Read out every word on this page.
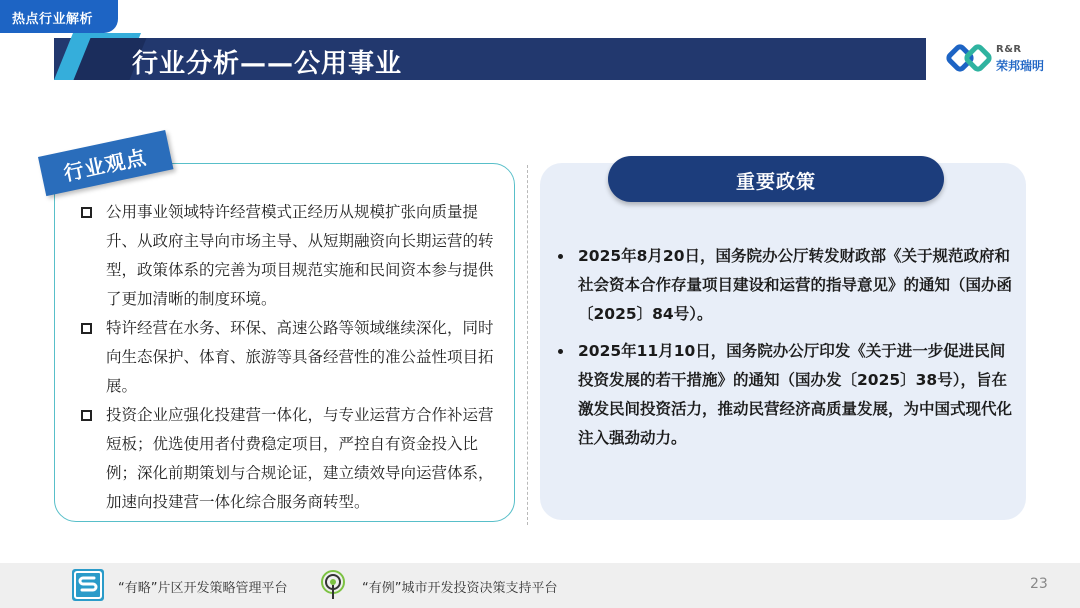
热点行业解析
行业分析——公用事业	R&R
荣邦瑞明
行业观点
公用事业领域特许经营模式正经历从规模扩张向质量提升、从政府主导向市场主导、从短期融资向长期运营的转型，政策体系的完善为项目规范实施和民间资本参与提供了更加清晰的制度环境。
特许经营在水务、环保、高速公路等领域继续深化，同时向生态保护、体育、旅游等具备经营性的准公益性项目拓展。
投资企业应强化投建营一体化，与专业运营方合作补运营短板；优选使用者付费稳定项目，严控自有资金投入比例；深化前期策划与合规论证，建立绩效导向运营体系，加速向投建营一体化综合服务商转型。
重要政策
2025年8月20日，国务院办公厅转发财政部《关于规范政府和社会资本合作存量项目建设和运营的指导意见》的通知（国办函〔2025〕84号）。
2025年11月10日，国务院办公厅印发《关于进一步促进民间投资发展的若干措施》的通知（国办发〔2025〕38号），旨在激发民间投资活力，推动民营经济高质量发展，为中国式现代化注入强劲动力。
“有略”片区开发策略管理平台	“有例”城市开发投资决策支持平台	23
